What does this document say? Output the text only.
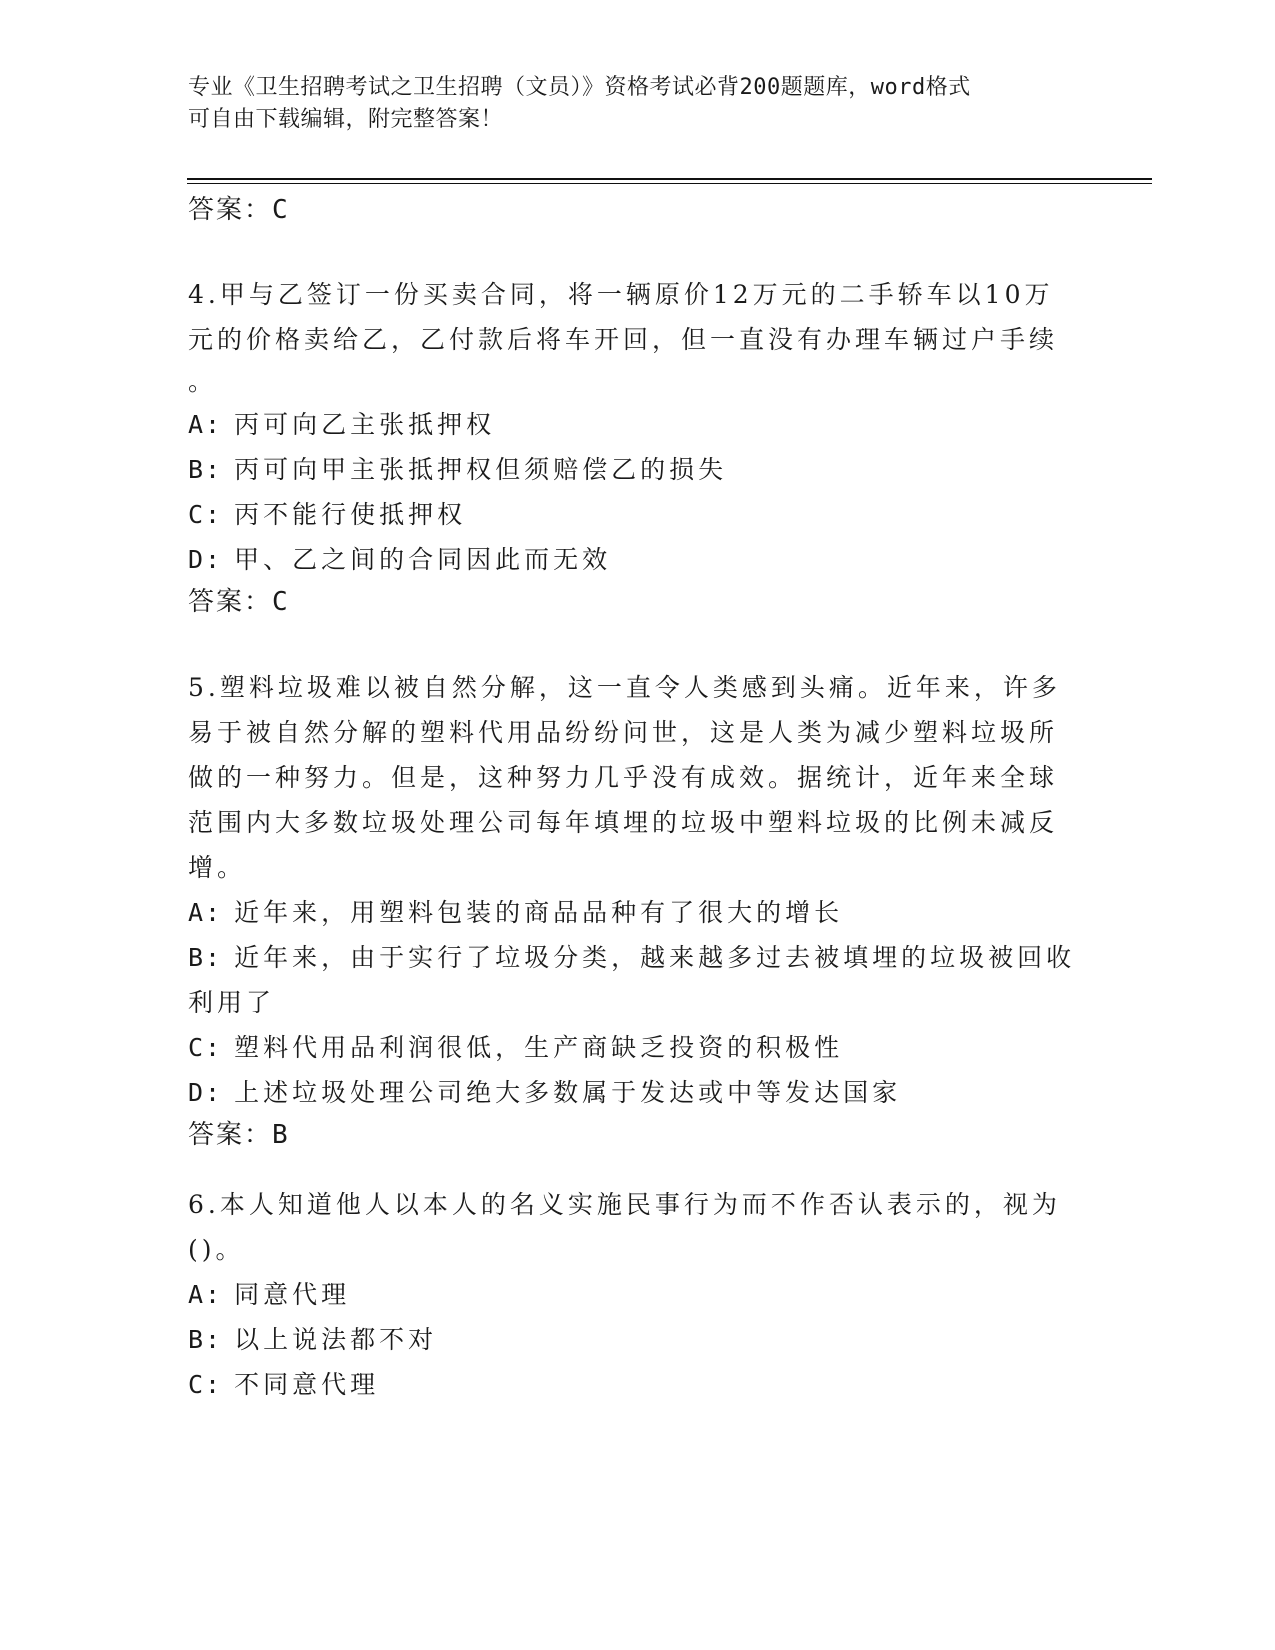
专业《卫生招聘考试之卫生招聘（文员）》资格考试必背200题题库，word格式
可自由下载编辑，附完整答案！

答案：C

4.甲与乙签订一份买卖合同，将一辆原价12万元的二手轿车以10万

元的价格卖给乙，乙付款后将车开回，但一直没有办理车辆过户手续

。

A: 丙可向乙主张抵押权

B: 丙可向甲主张抵押权但须赔偿乙的损失

C: 丙不能行使抵押权

D: 甲、乙之间的合同因此而无效

答案：C

5.塑料垃圾难以被自然分解，这一直令人类感到头痛。近年来，许多

易于被自然分解的塑料代用品纷纷问世，这是人类为减少塑料垃圾所

做的一种努力。但是，这种努力几乎没有成效。据统计，近年来全球

范围内大多数垃圾处理公司每年填埋的垃圾中塑料垃圾的比例未减反

增。

A: 近年来，用塑料包装的商品品种有了很大的增长

B: 近年来，由于实行了垃圾分类，越来越多过去被填埋的垃圾被回收

利用了

C: 塑料代用品利润很低，生产商缺乏投资的积极性

D: 上述垃圾处理公司绝大多数属于发达或中等发达国家

答案：B

6.本人知道他人以本人的名义实施民事行为而不作否认表示的，视为

()。

A: 同意代理

B: 以上说法都不对

C: 不同意代理
